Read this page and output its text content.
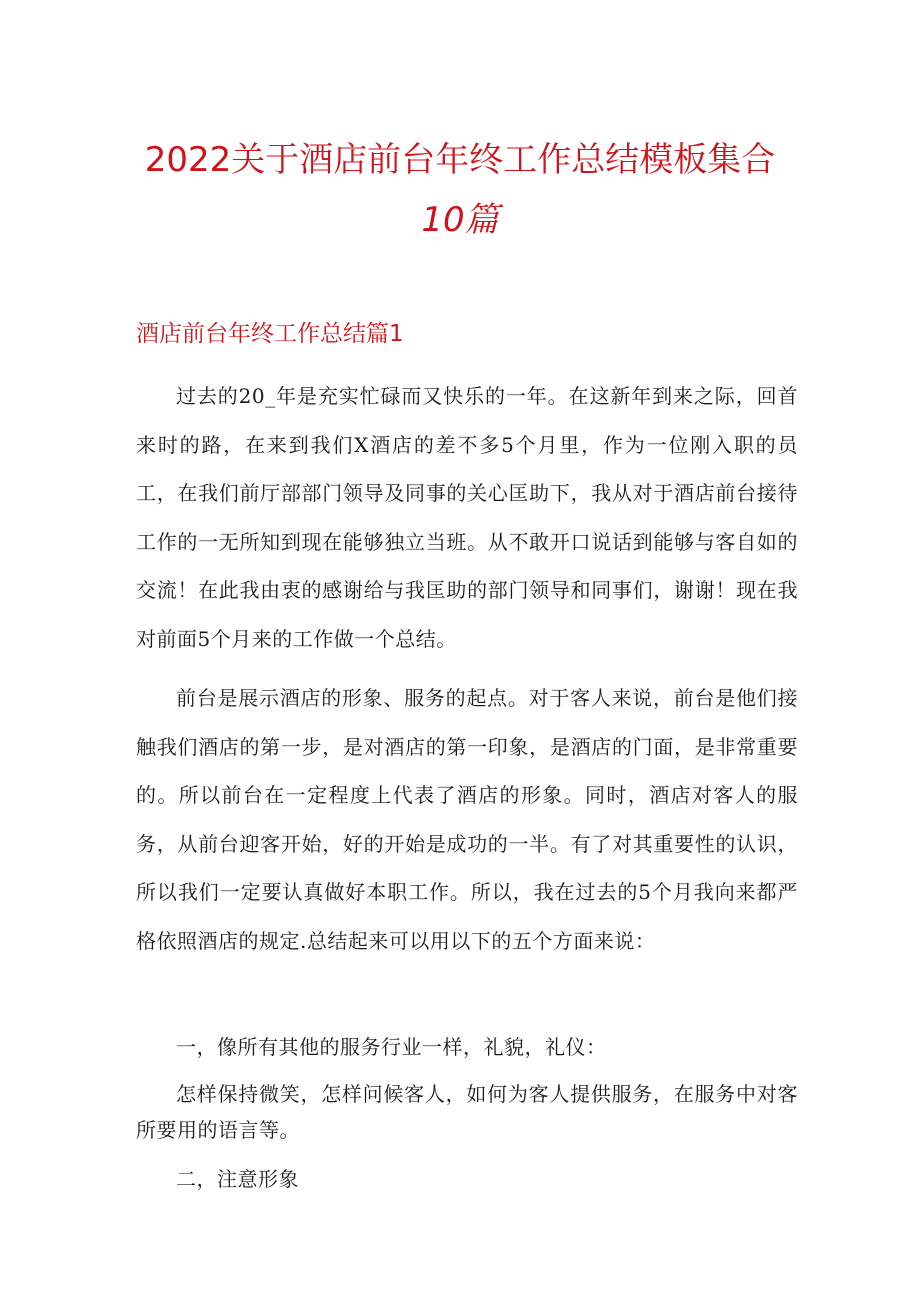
2022关于酒店前台年终工作总结模板集合
10篇
酒店前台年终工作总结篇1

过去的20_年是充实忙碌而又快乐的一年。在这新年到来之际，回首来时的路，在来到我们X酒店的差不多5个月里，作为一位刚入职的员工，在我们前厅部部门领导及同事的关心匡助下，我从对于酒店前台接待工作的一无所知到现在能够独立当班。从不敢开口说话到能够与客自如的交流！在此我由衷的感谢给与我匡助的部门领导和同事们，谢谢！现在我对前面5个月来的工作做一个总结。

前台是展示酒店的形象、服务的起点。对于客人来说，前台是他们接触我们酒店的第一步，是对酒店的第一印象，是酒店的门面，是非常重要的。所以前台在一定程度上代表了酒店的形象。同时，酒店对客人的服务，从前台迎客开始，好的开始是成功的一半。有了对其重要性的认识，所以我们一定要认真做好本职工作。所以，我在过去的5个月我向来都严格依照酒店的规定.总结起来可以用以下的五个方面来说：

一，像所有其他的服务行业一样，礼貌，礼仪：

怎样保持微笑，怎样问候客人，如何为客人提供服务，在服务中对客所要用的语言等。

二，注意形象
